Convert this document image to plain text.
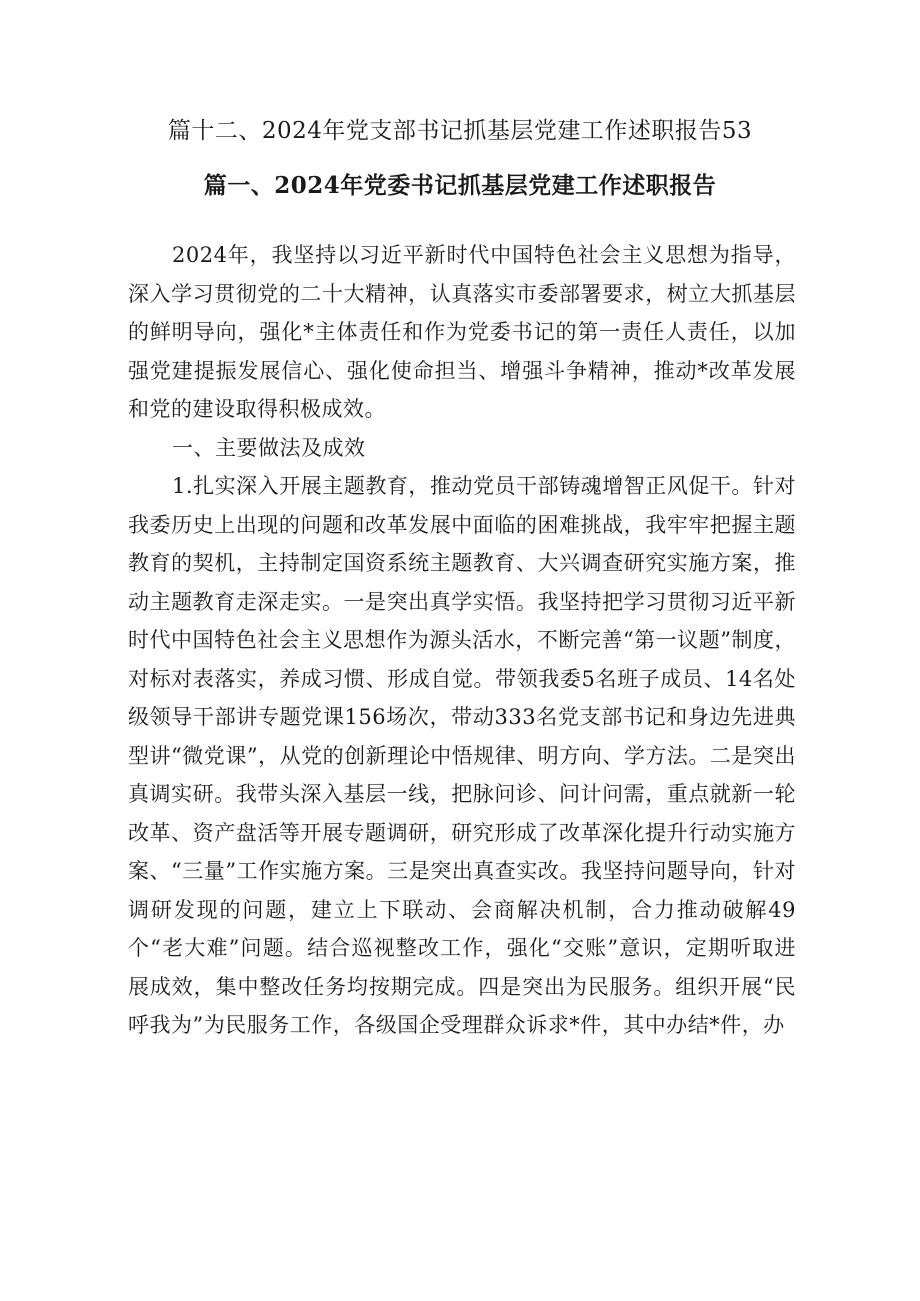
篇十二、2024年党支部书记抓基层党建工作述职报告53
篇一、2024年党委书记抓基层党建工作述职报告

2024年，我坚持以习近平新时代中国特色社会主义思想为指导，深入学习贯彻党的二十大精神，认真落实市委部署要求，树立大抓基层的鲜明导向，强化*主体责任和作为党委书记的第一责任人责任，以加强党建提振发展信心、强化使命担当、增强斗争精神，推动*改革发展和党的建设取得积极成效。

一、主要做法及成效

1.扎实深入开展主题教育，推动党员干部铸魂增智正风促干。针对我委历史上出现的问题和改革发展中面临的困难挑战，我牢牢把握主题教育的契机，主持制定国资系统主题教育、大兴调查研究实施方案，推动主题教育走深走实。一是突出真学实悟。我坚持把学习贯彻习近平新时代中国特色社会主义思想作为源头活水，不断完善“第一议题”制度，对标对表落实，养成习惯、形成自觉。带领我委5名班子成员、14名处级领导干部讲专题党课156场次，带动333名党支部书记和身边先进典型讲“微党课”，从党的创新理论中悟规律、明方向、学方法。二是突出真调实研。我带头深入基层一线，把脉问诊、问计问需，重点就新一轮改革、资产盘活等开展专题调研，研究形成了改革深化提升行动实施方案、“三量”工作实施方案。三是突出真查实改。我坚持问题导向，针对调研发现的问题，建立上下联动、会商解决机制，合力推动破解49个“老大难”问题。结合巡视整改工作，强化“交账”意识，定期听取进展成效，集中整改任务均按期完成。四是突出为民服务。组织开展“民呼我为”为民服务工作，各级国企受理群众诉求*件，其中办结*件，办
